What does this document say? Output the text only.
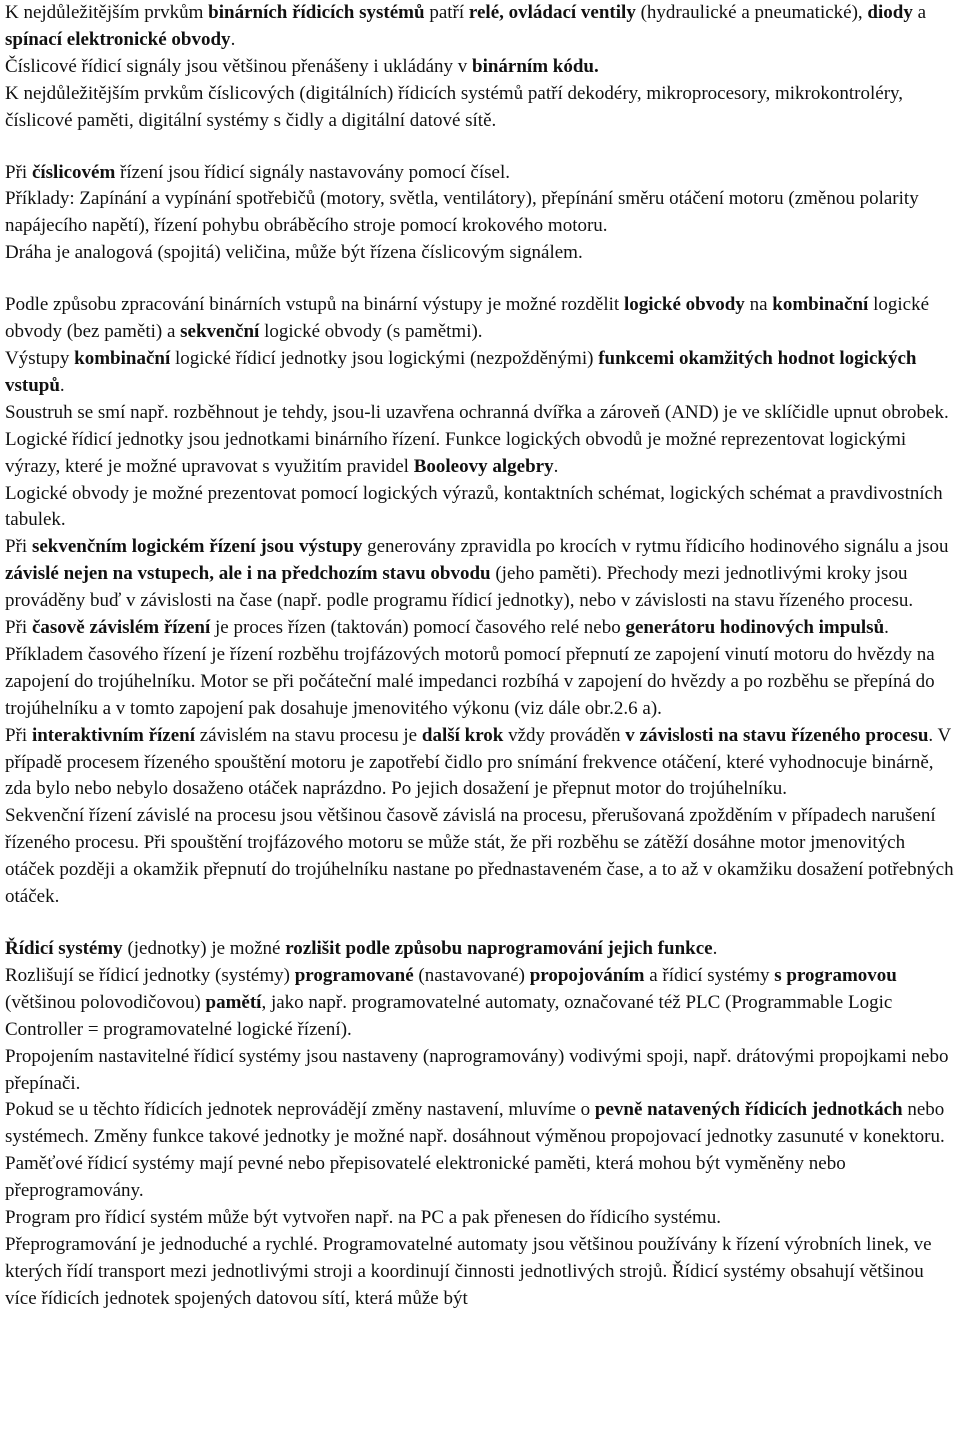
K nejdůležitějším prvkům binárních řídicích systémů patří relé, ovládací ventily (hydraulické a pneumatické), diody a spínací elektronické obvody.

Číslicové řídicí signály jsou většinou přenášeny i ukládány v binárním kódu.

K nejdůležitějším prvkům číslicových (digitálních) řídicích systémů patří dekodéry, mikroprocesory, mikrokontroléry, číslicové paměti, digitální systémy s čidly a digitální datové sítě.

Při číslicovém řízení jsou řídicí signály nastavovány pomocí čísel.

Příklady: Zapínání a vypínání spotřebičů (motory, světla, ventilátory), přepínání směru otáčení motoru (změnou polarity napájecího napětí), řízení pohybu obráběcího stroje pomocí krokového motoru.

Dráha je analogová (spojitá) veličina, může být řízena číslicovým signálem.

Podle způsobu zpracování binárních vstupů na binární výstupy je možné rozdělit logické obvody na kombinační logické obvody (bez paměti) a sekvenční logické obvody (s pamětmi).

Výstupy kombinační logické řídicí jednotky jsou logickými (nezpožděnými) funkcemi okamžitých hodnot logických vstupů.

Soustruh se smí např. rozběhnout je tehdy, jsou-li uzavřena ochranná dvířka a zároveň (AND) je ve sklíčidle upnut obrobek.

Logické řídicí jednotky jsou jednotkami binárního řízení. Funkce logických obvodů je možné reprezentovat logickými výrazy, které je možné upravovat s využitím pravidel Booleovy algebry.

Logické obvody je možné prezentovat pomocí logických výrazů, kontaktních schémat, logických schémat a pravdivostních tabulek.

Při sekvenčním logickém řízení jsou výstupy generovány zpravidla po krocích v rytmu řídicího hodinového signálu a jsou závislé nejen na vstupech, ale i na předchozím stavu obvodu (jeho paměti). Přechody mezi jednotlivými kroky jsou prováděny buď v závislosti na čase (např. podle programu řídicí jednotky), nebo v závislosti na stavu řízeného procesu.

Při časově závislém řízení je proces řízen (taktován) pomocí časového relé nebo generátoru hodinových impulsů. Příkladem časového řízení je řízení rozběhu trojfázových motorů pomocí přepnutí ze zapojení vinutí motoru do hvězdy na zapojení do trojúhelníku. Motor se při počáteční malé impedanci rozbíhá v zapojení do hvězdy a po rozběhu se přepíná do trojúhelníku a v tomto zapojení pak dosahuje jmenovitého výkonu (viz dále obr.2.6 a).

Při interaktivním řízení závislém na stavu procesu je další krok vždy prováděn v závislosti na stavu řízeného procesu. V případě procesem řízeného spouštění motoru je zapotřebí čidlo pro snímání frekvence otáčení, které vyhodnocuje binárně, zda bylo nebo nebylo dosaženo otáček naprázdno. Po jejich dosažení je přepnut motor do trojúhelníku.

Sekvenční řízení závislé na procesu jsou většinou časově závislá na procesu, přerušovaná zpožděním v případech narušení řízeného procesu. Při spouštění trojfázového motoru se může stát, že při rozběhu se zátěží dosáhne motor jmenovitých otáček později a okamžik přepnutí do trojúhelníku nastane po přednastaveném čase, a to až v okamžiku dosažení potřebných otáček.

Řídicí systémy (jednotky) je možné rozlišit podle způsobu naprogramování jejich funkce.

Rozlišují se řídicí jednotky (systémy) programované (nastavované) propojováním a řídicí systémy s programovou (většinou polovodičovou) pamětí, jako např. programovatelné automaty, označované též PLC (Programmable Logic Controller = programovatelné logické řízení).

Propojením nastavitelné řídicí systémy jsou nastaveny (naprogramovány) vodivými spoji, např. drátovými propojkami nebo přepínači.

Pokud se u těchto řídicích jednotek neprovádějí změny nastavení, mluvíme o pevně natavených řídicích jednotkách nebo systémech. Změny funkce takové jednotky je možné např. dosáhnout výměnou propojovací jednotky zasunuté v konektoru.

Paměťové řídicí systémy mají pevné nebo přepisovatelé elektronické paměti, která mohou být vyměněny nebo přeprogramovány.

Program pro řídicí systém může být vytvořen např. na PC a pak přenesen do řídicího systému.

Přeprogramování je jednoduché a rychlé. Programovatelné automaty jsou většinou používány k řízení výrobních linek, ve kterých řídí transport mezi jednotlivými stroji a koordinují činnosti jednotlivých strojů. Řídicí systémy obsahují většinou více řídicích jednotek spojených datovou sítí, která může být
